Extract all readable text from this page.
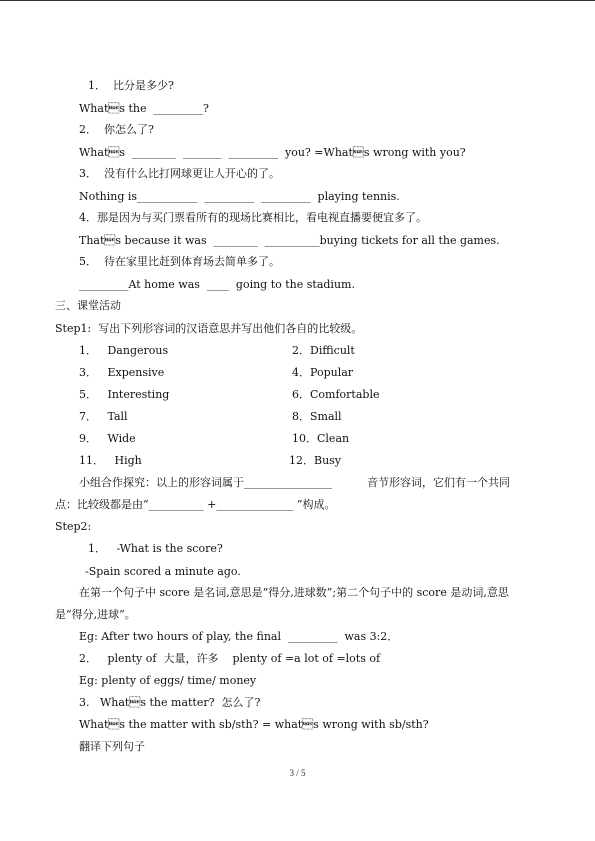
1．  比分是多少?
Whats the  _________?
2．  你怎么了?
Whats  ________  _______  _________  you? =Whats wrong with you?
3．  没有什么比打网球更让人开心的了。
Nothing is___________  _________  _________  playing tennis.
4．那是因为与买门票看所有的现场比赛相比，看电视直播要便宜多了。
Thats because it was  ________  __________buying tickets for all the games.
5．  待在家里比赶到体育场去简单多了。
_________At home was  ____  going to the stadium.
三、课堂活动
Step1:  写出下列形容词的汉语意思并写出他们各自的比较级。
1．   Dangerous	2．Difficult
3．   Expensive	4．Popular
5．   Interesting	6．Comfortable
7．   Tall	8．Small
9．   Wide	10．Clean
11．   High	12．Busy
小组合作探究：以上的形容词属于________________          音节形容词，它们有一个共同
点：比较级都是由“__________ +______________ ”构成。
Step2:
1．   -What is the score?
-Spain scored a minute ago.
在第一个句子中 score 是名词,意思是“得分,进球数”;第二个句子中的 score 是动词,意思
是“得分,进球”。
Eg: After two hours of play, the final  _________  was 3:2．
2．   plenty of  大量，许多    plenty of =a lot of =lots of
Eg: plenty of eggs/ time/ money
3.   Whats the matter?  怎么了?
Whats the matter with sb/sth? = whats wrong with sb/sth?
翻译下列句子
3 / 5
